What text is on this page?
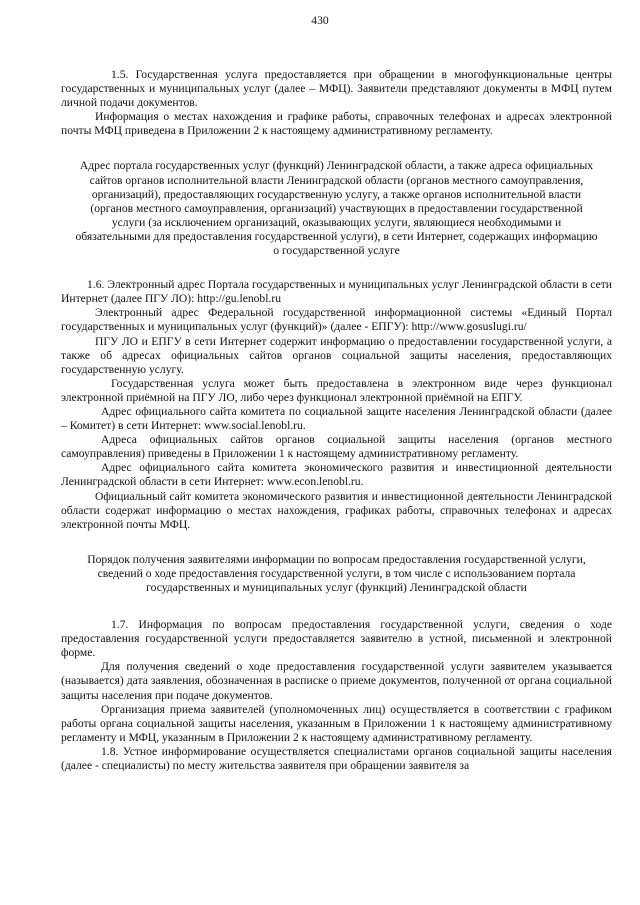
430

1.5. Государственная услуга предоставляется при обращении в многофункциональные центры государственных и муниципальных услуг (далее – МФЦ). Заявители представляют документы в МФЦ путем личной подачи документов.

Информация о местах нахождения и графике работы, справочных телефонах и адресах электронной почты МФЦ приведена в Приложении 2 к настоящему административному регламенту.

Адрес портала государственных услуг (функций) Ленинградской области, а также адреса официальных сайтов органов исполнительной власти Ленинградской области (органов местного самоуправления, организаций), предоставляющих государственную услугу, а также органов исполнительной власти (органов местного самоуправления, организаций) участвующих в предоставлении государственной услуги (за исключением организаций, оказывающих услуги, являющиеся необходимыми и обязательными для предоставления государственной услуги), в сети Интернет, содержащих информацию о государственной услуге

1.6. Электронный адрес Портала государственных и муниципальных услуг Ленинградской области в сети Интернет (далее ПГУ ЛО): http://gu.lenobl.ru

Электронный адрес Федеральной государственной информационной системы «Единый Портал государственных и муниципальных услуг (функций)» (далее - ЕПГУ): http://www.gosuslugi.ru/

ПГУ ЛО и ЕПГУ в сети Интернет содержит информацию о предоставлении государственной услуги, а также об адресах официальных сайтов органов социальной защиты населения, предоставляющих государственную услугу.

Государственная услуга может быть предоставлена в электронном виде через функционал электронной приёмной на ПГУ ЛО, либо через функционал электронной приёмной на ЕПГУ.

Адрес официального сайта комитета по социальной защите населения Ленинградской области (далее – Комитет) в сети Интернет: www.social.lenobl.ru.

Адреса официальных сайтов органов социальной защиты населения (органов местного самоуправления) приведены в Приложении 1 к настоящему административному регламенту.

Адрес официального сайта комитета экономического развития и инвестиционной деятельности Ленинградской области в сети Интернет: www.econ.lenobl.ru.

Официальный сайт комитета экономического развития и инвестиционной деятельности Ленинградской области содержат информацию о местах нахождения, графиках работы, справочных телефонах и адресах электронной почты МФЦ.

Порядок получения заявителями информации по вопросам предоставления государственной услуги, сведений о ходе предоставления государственной услуги, в том числе с использованием портала государственных и муниципальных услуг (функций) Ленинградской области

1.7. Информация по вопросам предоставления государственной услуги, сведения о ходе предоставления государственной услуги предоставляется заявителю в устной, письменной и электронной форме.

Для получения сведений о ходе предоставления государственной услуги заявителем указывается (называется) дата заявления, обозначенная в расписке о приеме документов, полученной от органа социальной защиты населения при подаче документов.

Организация приема заявителей (уполномоченных лиц) осуществляется в соответствии с графиком работы органа социальной защиты населения, указанным в Приложении 1 к настоящему административному регламенту и МФЦ, указанным в Приложении 2 к настоящему административному регламенту.

1.8. Устное информирование осуществляется специалистами органов социальной защиты населения (далее - специалисты) по месту жительства заявителя при обращении заявителя за
